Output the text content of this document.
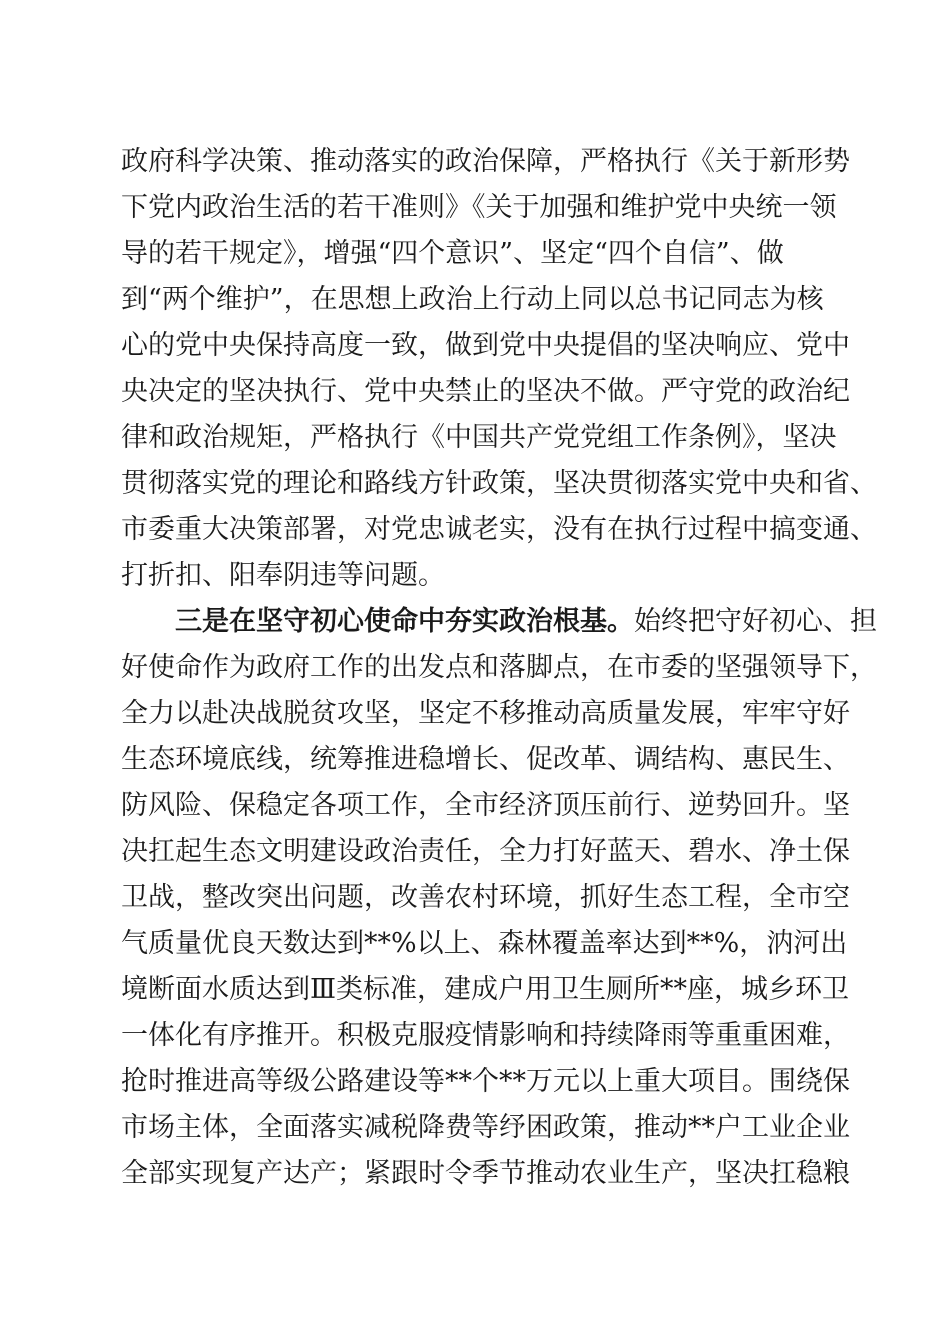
政府科学决策、推动落实的政治保障，严格执行《关于新形势
下党内政治生活的若干准则》《关于加强和维护党中央统一领
导的若干规定》，增强“四个意识”、坚定“四个自信”、做
到“两个维护”，在思想上政治上行动上同以总书记同志为核
心的党中央保持高度一致，做到党中央提倡的坚决响应、党中
央决定的坚决执行、党中央禁止的坚决不做。严守党的政治纪
律和政治规矩，严格执行《中国共产党党组工作条例》，坚决
贯彻落实党的理论和路线方针政策，坚决贯彻落实党中央和省、
市委重大决策部署，对党忠诚老实，没有在执行过程中搞变通、
打折扣、阳奉阴违等问题。
三是在坚守初心使命中夯实政治根基。始终把守好初心、担
好使命作为政府工作的出发点和落脚点，在市委的坚强领导下，
全力以赴决战脱贫攻坚，坚定不移推动高质量发展，牢牢守好
生态环境底线，统筹推进稳增长、促改革、调结构、惠民生、
防风险、保稳定各项工作，全市经济顶压前行、逆势回升。坚
决扛起生态文明建设政治责任，全力打好蓝天、碧水、净土保
卫战，整改突出问题，改善农村环境，抓好生态工程，全市空
气质量优良天数达到**%以上、森林覆盖率达到**%，汭河出
境断面水质达到Ⅲ类标准，建成户用卫生厕所**座，城乡环卫
一体化有序推开。积极克服疫情影响和持续降雨等重重困难，
抢时推进高等级公路建设等**个**万元以上重大项目。围绕保
市场主体，全面落实减税降费等纾困政策，推动**户工业企业
全部实现复产达产；紧跟时令季节推动农业生产，坚决扛稳粮
